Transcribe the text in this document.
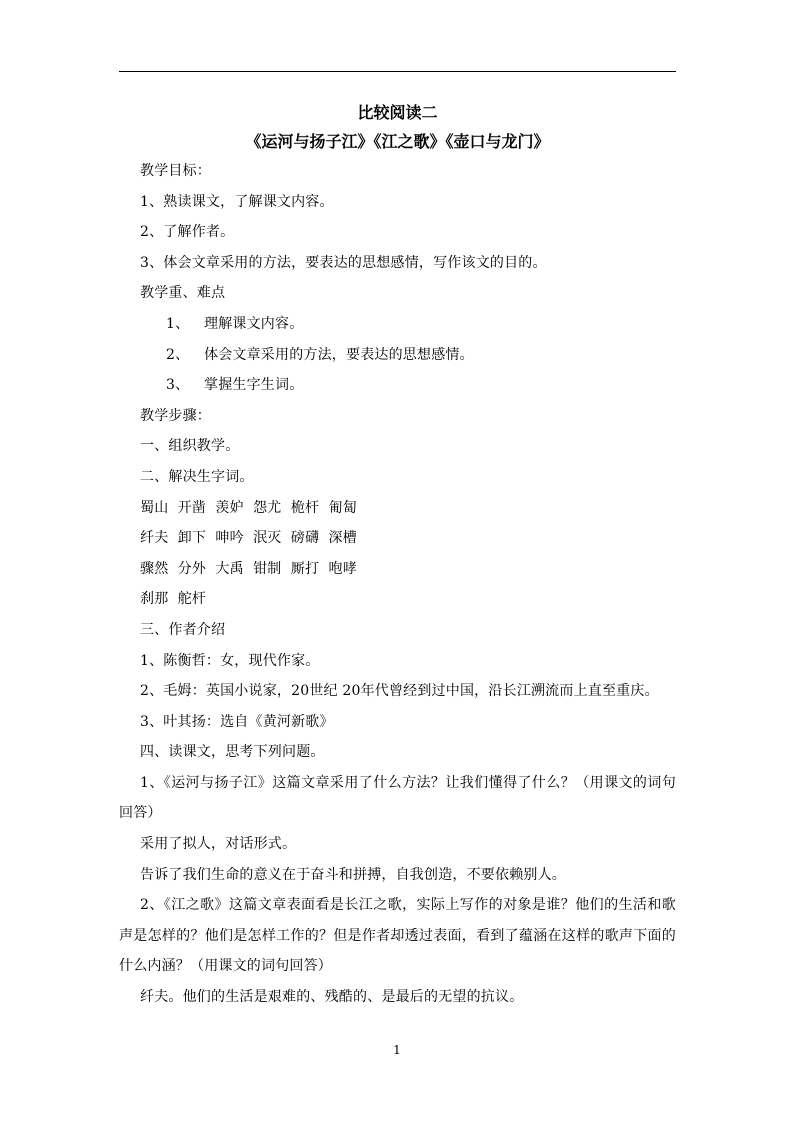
比较阅读二
《运河与扬子江》《江之歌》《壶口与龙门》

教学目标：

1、熟读课文，了解课文内容。

2、了解作者。

3、体会文章采用的方法，要表达的思想感情，写作该文的目的。

教学重、难点

1、 理解课文内容。

2、 体会文章采用的方法，要表达的思想感情。

3、 掌握生字生词。

教学步骤：

一、组织教学。

二、解决生字词。

蜀山  开凿  羡妒  怨尤  桅杆  匍匐

纤夫  卸下  呻吟  泯灭  磅礴  深槽

骤然  分外  大禹  钳制  厮打  咆哮

刹那  舵杆

三、作者介绍

1、陈衡哲：女，现代作家。

2、毛姆：英国小说家，20世纪 20年代曾经到过中国，沿长江溯流而上直至重庆。

3、叶其扬：选自《黄河新歌》

四、读课文，思考下列问题。

1、《运河与扬子江》这篇文章采用了什么方法？让我们懂得了什么？（用课文的词句回答）

采用了拟人，对话形式。

告诉了我们生命的意义在于奋斗和拼搏，自我创造，不要依赖别人。

2、《江之歌》这篇文章表面看是长江之歌，实际上写作的对象是谁？他们的生活和歌声是怎样的？他们是怎样工作的？但是作者却透过表面，看到了蕴涵在这样的歌声下面的什么内涵？（用课文的词句回答）

纤夫。他们的生活是艰难的、残酷的、是最后的无望的抗议。

1
